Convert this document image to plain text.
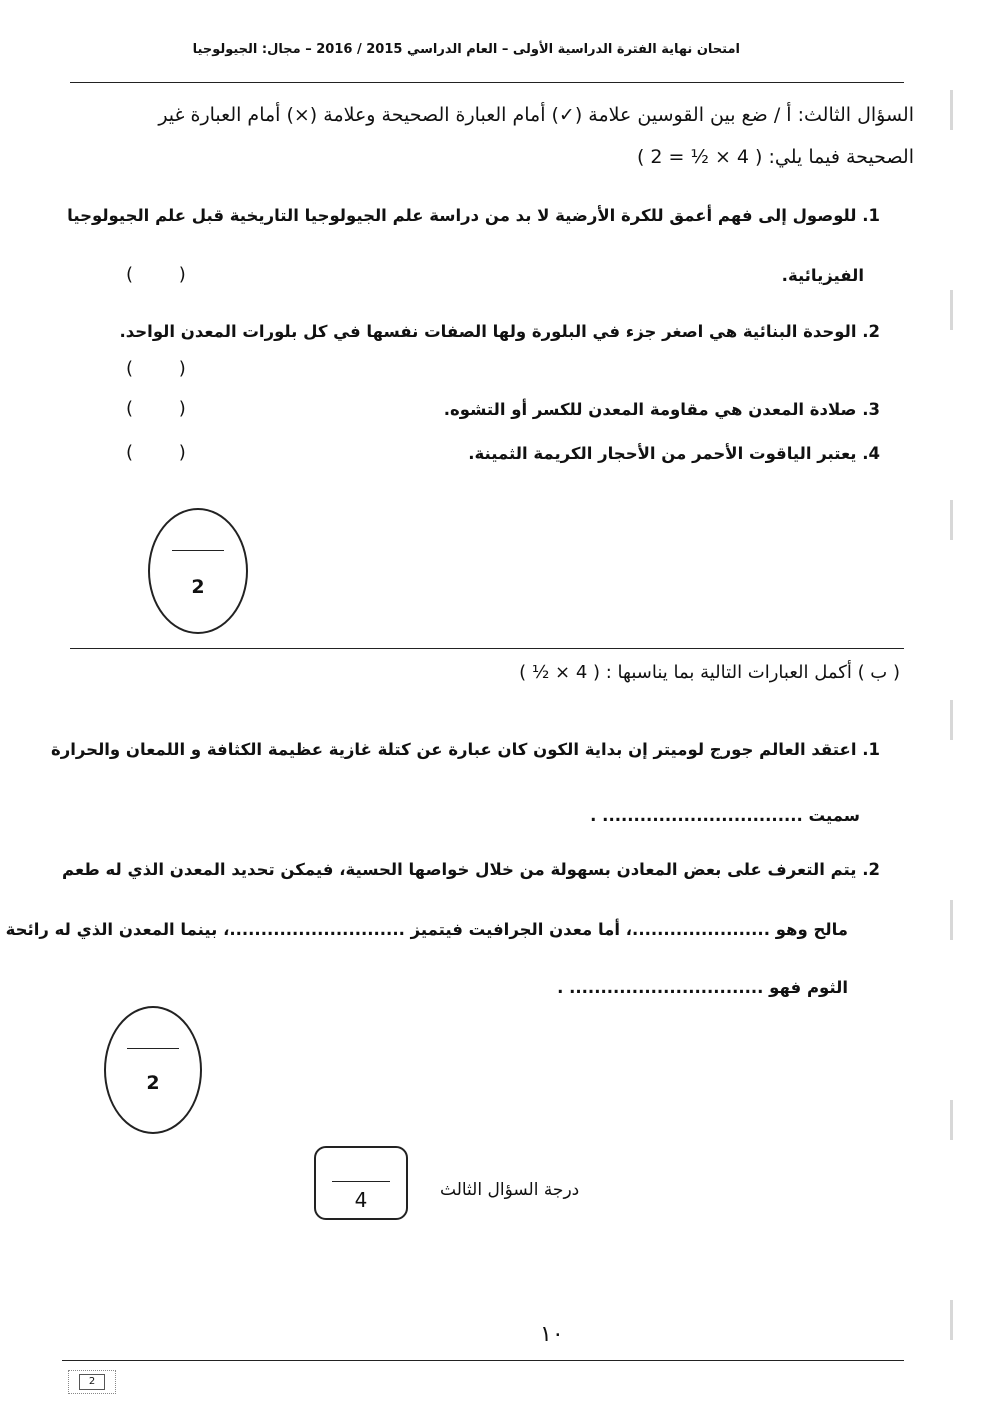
امتحان نهاية الفترة الدراسية الأولى – العام الدراسي 2015 / 2016 – مجال: الجيولوجيا
السؤال الثالث: أ / ضع بين القوسين علامة (✓) أمام العبارة الصحيحة وعلامة (×) أمام العبارة غير
الصحيحة فيما يلي: ( 4 × ½ = 2 )
1. للوصول إلى فهم أعمق للكرة الأرضية لا بد من دراسة علم الجيولوجيا التاريخية قبل علم الجيولوجيا
الفيزيائية.
(        )
2. الوحدة البنائية هي اصغر جزء في البلورة ولها الصفات نفسها في كل بلورات المعدن الواحد.
(        )
3. صلادة المعدن هي مقاومة المعدن للكسر أو التشوه.
(        )
4. يعتبر الياقوت الأحمر من الأحجار الكريمة الثمينة.
(        )
2
( ب ) أكمل العبارات التالية بما يناسبها : ( 4 × ½ )
1. اعتقد العالم جورج لوميتر إن بداية الكون كان عبارة عن كتلة غازية عظيمة الكثافة و اللمعان والحرارة
سميت ................................ .
2. يتم التعرف على بعض المعادن بسهولة من خلال خواصها الحسية، فيمكن تحديد المعدن الذي له طعم
مالح وهو ......................، أما معدن الجرافيت فيتميز ............................، بينما المعدن الذي له رائحة
الثوم فهو ............................... .
2
4	درجة السؤال الثالث
١٠
2
